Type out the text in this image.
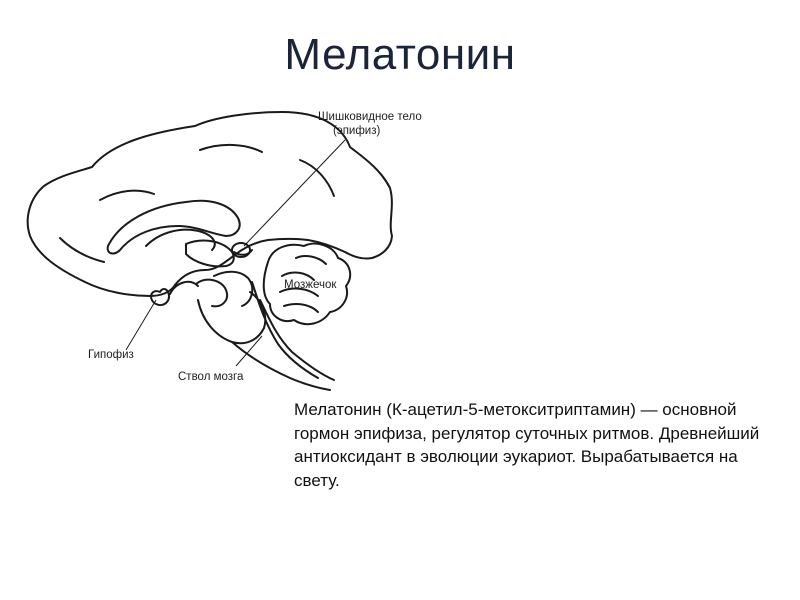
Мелатонин
Шишковидное тело
(эпифиз)
Мозжечок
Гипофиз
Ствол мозга
Мелатонин (К-ацетил-5-метокситриптамин) — основной гормон эпифиза, регулятор суточных ритмов. Древнейший антиоксидант в эволюции эукариот. Вырабатывается на свету.
